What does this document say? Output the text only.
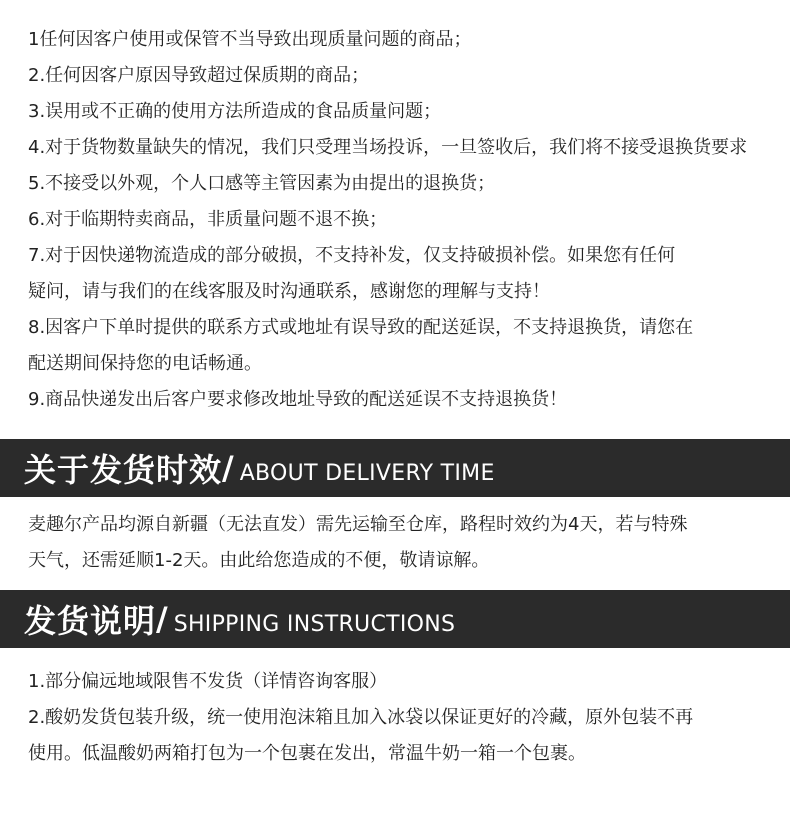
1任何因客户使用或保管不当导致出现质量问题的商品；
2.任何因客户原因导致超过保质期的商品；
3.误用或不正确的使用方法所造成的食品质量问题；
4.对于货物数量缺失的情况，我们只受理当场投诉，一旦签收后，我们将不接受退换货要求
5.不接受以外观，个人口感等主管因素为由提出的退换货；
6.对于临期特卖商品，非质量问题不退不换；
7.对于因快递物流造成的部分破损，不支持补发，仅支持破损补偿。如果您有任何
疑问，请与我们的在线客服及时沟通联系，感谢您的理解与支持！
8.因客户下单时提供的联系方式或地址有误导致的配送延误，不支持退换货，请您在
配送期间保持您的电话畅通。
9.商品快递发出后客户要求修改地址导致的配送延误不支持退换货！
关于发货时效 / ABOUT DELIVERY TIME
麦趣尔产品均源自新疆（无法直发）需先运输至仓库，路程时效约为4天，若与特殊
天气，还需延顺1-2天。由此给您造成的不便，敬请谅解。
发货说明 / SHIPPING INSTRUCTIONS
1.部分偏远地域限售不发货（详情咨询客服）
2.酸奶发货包装升级，统一使用泡沫箱且加入冰袋以保证更好的冷藏，原外包装不再
使用。低温酸奶两箱打包为一个包裹在发出，常温牛奶一箱一个包裹。
